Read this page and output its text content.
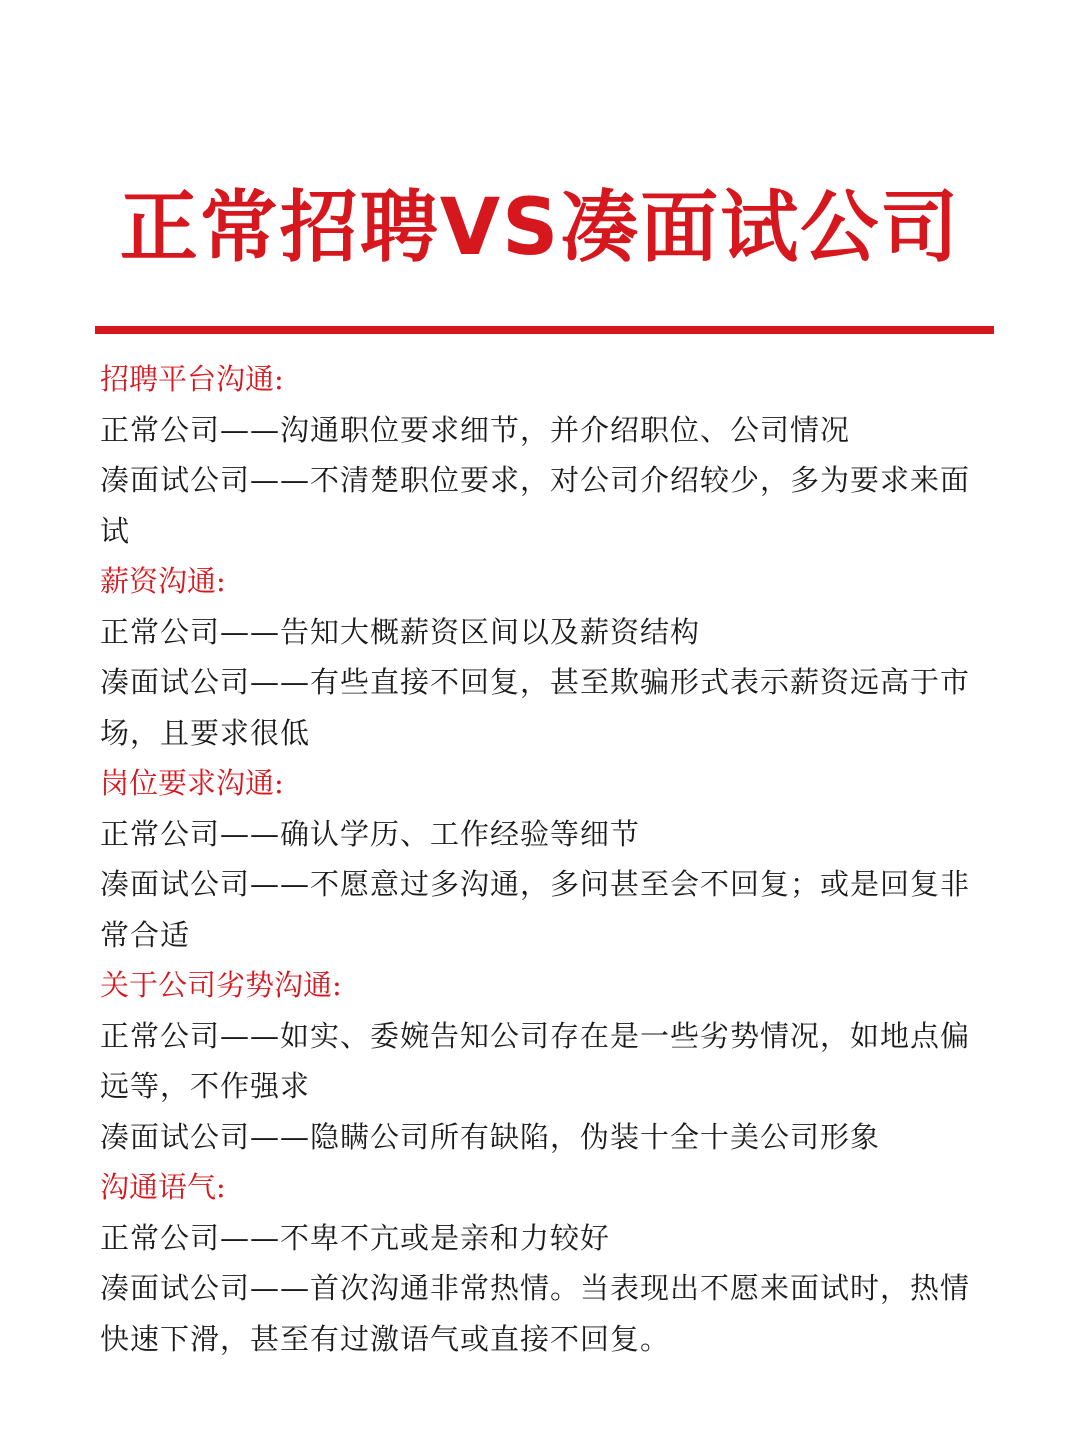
正常招聘VS凑面试公司

招聘平台沟通:

正常公司——沟通职位要求细节，并介绍职位、公司情况

凑面试公司——不清楚职位要求，对公司介绍较少，多为要求来面试

薪资沟通:

正常公司——告知大概薪资区间以及薪资结构

凑面试公司——有些直接不回复，甚至欺骗形式表示薪资远高于市场，且要求很低

岗位要求沟通:

正常公司——确认学历、工作经验等细节

凑面试公司——不愿意过多沟通，多问甚至会不回复；或是回复非常合适

关于公司劣势沟通:

正常公司——如实、委婉告知公司存在是一些劣势情况，如地点偏远等，不作强求

凑面试公司——隐瞒公司所有缺陷，伪装十全十美公司形象

沟通语气:

正常公司——不卑不亢或是亲和力较好

凑面试公司——首次沟通非常热情。当表现出不愿来面试时，热情快速下滑，甚至有过激语气或直接不回复。
